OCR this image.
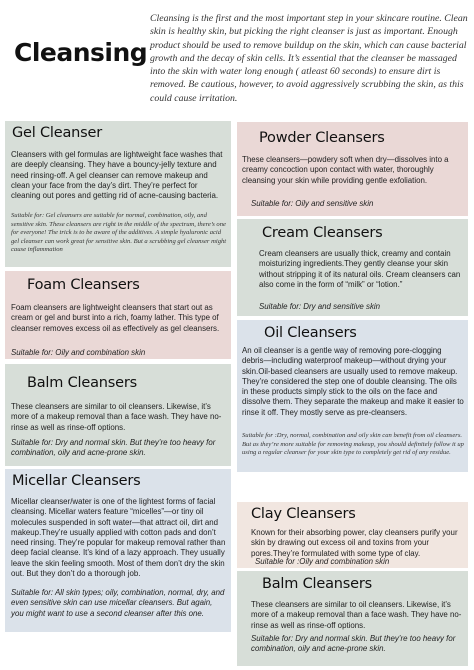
Cleansing

Cleansing is the first and the most important step in your skincare routine. Clean skin is healthy skin, but picking the right cleanser is just as important. Enough product should be used to remove buildup on the skin, which can cause bacterial growth and the decay of skin cells. It’s essential that the cleanser be massaged into the skin with water long enough ( atleast 60 seconds) to ensure dirt is removed. Be cautious, however, to avoid aggressively scrubbing the skin, as this could cause irritation.

Gel Cleanser

Cleansers with gel formulas are lightweight face washes that are deeply cleansing. They have a bouncy-jelly texture and need rinsing-off. A gel cleanser can remove makeup and clean your face from the day’s dirt. They’re perfect for cleaning out pores and getting rid of acne-causing bacteria.

Suitable for: Gel cleansers are suitable for normal, combination, oily, and sensitive skin. These cleansers are right in the middle of the spectrum, there’s one for everyone! The trick is to be aware of the additives. A simple hyaluronic acid gel cleanser can work great for sensitive skin. But a scrubbing gel cleanser might cause inflammation

Foam Cleansers

Foam cleansers are lightweight cleansers that start out as cream or gel and burst into a rich, foamy lather. This type of cleanser removes excess oil as effectively as gel cleansers.

Suitable for: Oily and combination skin

Balm Cleansers

These cleansers are similar to oil cleansers. Likewise, it’s more of a makeup removal than a face wash. They have no-rinse as well as rinse-off options.

Suitable for: Dry and normal skin. But they’re too heavy for combination, oily and acne-prone skin.

Micellar Cleansers

Micellar cleanser/water is one of the lightest forms of facial cleansing. Micellar waters feature “micelles”—or tiny oil molecules suspended in soft water—that attract oil, dirt and makeup.They’re usually applied with cotton pads and don’t need rinsing. They’re popular for makeup removal rather than deep facial cleanse. It’s kind of a lazy approach. They usually leave the skin feeling smooth. Most of them don’t dry the skin out. But they don’t do a thorough job.

Suitable for: All skin types; oily, combination, normal, dry, and even sensitive skin can use micellar cleansers. But again, you might want to use a second cleanser after this one.

Powder Cleansers

These cleansers—powdery soft when dry—dissolves into a creamy concoction upon contact with water, thoroughly cleansing your skin while providing gentle exfoliation.

Suitable for: Oily and sensitive skin

Cream Cleansers

Cream cleansers are usually thick, creamy and contain moisturizing ingredients.They gently cleanse your skin without stripping it of its natural oils. Cream cleansers can also come in the form of “milk” or “lotion.”

Suitable for: Dry and sensitive skin

Oil Cleansers

An oil cleanser is a gentle way of removing pore-clogging debris—including waterproof makeup—without drying your skin.Oil-based cleansers are usually used to remove makeup. They’re considered the step one of double cleansing. The oils in these products simply stick to the oils on the face and dissolve them. They separate the makeup and make it easier to rinse it off. They mostly serve as pre-cleansers.

Suitable for :Dry, normal, combination and oily skin can benefit from oil cleansers. But as they’re more suitable for removing makeup, you should definitely follow it up using a regular cleanser for your skin type to completely get rid of any residue.

Clay Cleansers

Known for their absorbing power, clay cleansers purify your skin by drawing out excess oil and toxins from your pores.They’re formulated with some type of clay.

Suitable for :Oily and combination skin

Balm Cleansers

These cleansers are similar to oil cleansers. Likewise, it’s more of a makeup removal than a face wash. They have no-rinse as well as rinse-off options.

Suitable for: Dry and normal skin. But they’re too heavy for combination, oily and acne-prone skin.
